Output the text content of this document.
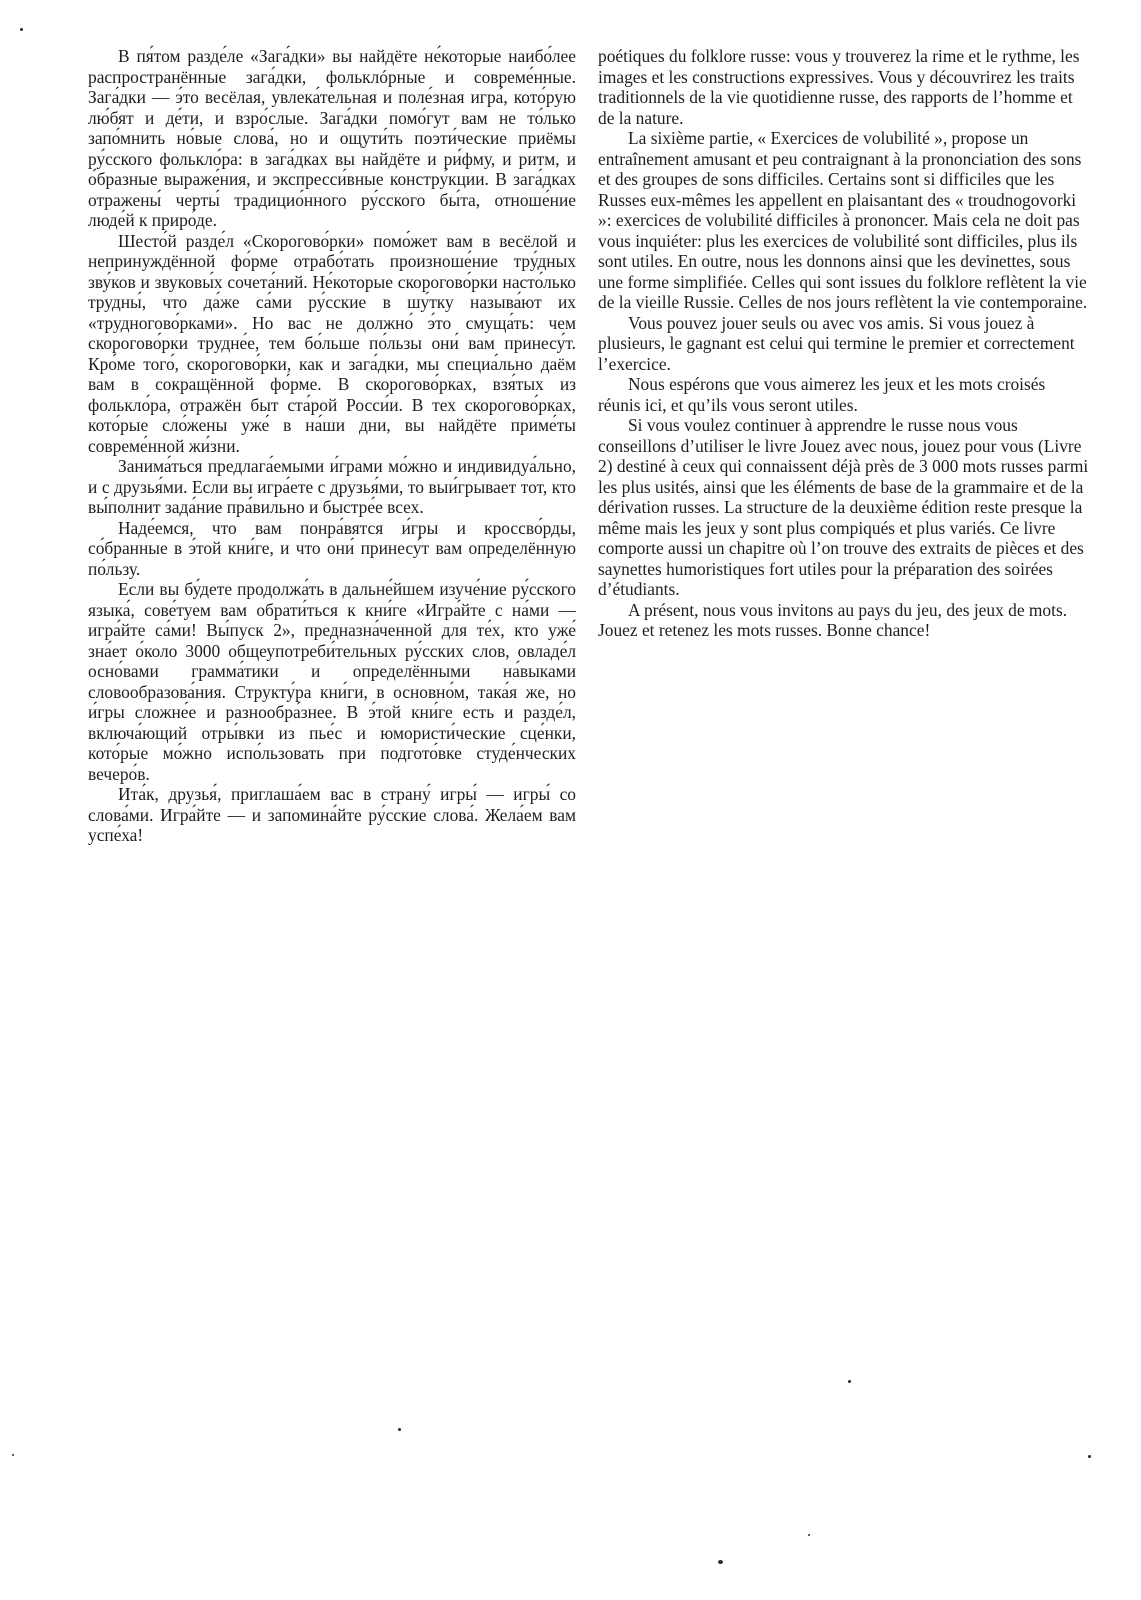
В пя́том разде́ле «Зага́дки» вы найдёте не́которые наибо́лее распространённые зага́дки, фольклóрные и совреме́нные. Зага́дки — э́то весёлая, увлека́тельная и поле́зная игра́, кото́рую лю́бят и де́ти, и взро́слые. Зага́дки помо́гут вам не то́лько запо́мнить но́вые слова́, но и ощути́ть поэти́ческие приёмы ру́сского фолькло́ра: в зага́дках вы найдёте и ри́фму, и ритм, и о́бразные выраже́ния, и экспресси́вные констру́кции. В зага́дках отражены́ черты́ традицио́нного ру́сского бы́та, отноше́ние люде́й к приро́де.

Шесто́й разде́л «Скорогово́рки» помо́жет вам в весёлой и непринуждённой фо́рме отрабо́тать произноше́ние тру́дных зву́ков и звуковы́х сочета́ний. Не́которые скорогово́рки насто́лько трудны́, что да́же са́ми ру́сские в шу́тку называ́ют их «трудногово́рками». Но вас не должно́ э́то смуща́ть: чем скорогово́рки трудне́е, тем бо́льше по́льзы они́ вам принесу́т. Кро́ме того́, скорогово́рки, как и зага́дки, мы специа́льно даём вам в сокращённой фо́рме. В скорогово́рках, взя́тых из фолькло́ра, отражён быт ста́рой Росси́и. В тех скорогово́рках, кото́рые сло́жены уже́ в на́ши дни, вы найдёте приме́ты совреме́нной жи́зни.

Занима́ться предлага́емыми и́грами мо́жно и индивидуа́льно, и с друзья́ми. Если вы игра́ете с друзья́ми, то выи́грывает тот, кто вы́полнит зада́ние пра́вильно и быстре́е всех.

Наде́емся, что вам понра́вятся и́гры и кроссво́рды, со́бранные в э́той кни́ге, и что они́ принесу́т вам определённую по́льзу.

Если вы бу́дете продолжа́ть в дальне́йшем изуче́ние ру́сского языка́, сове́туем вам обрати́ться к кни́ге «Игра́йте с на́ми — игра́йте са́ми! Вы́пуск 2», предназна́ченной для те́х, кто уже́ зна́ет о́коло 3000 общеупотреби́тельных ру́сских слов, овладе́л осно́вами грамма́тики и определёнными на́выками словообразова́ния. Структу́ра кни́ги, в основно́м, така́я же, но и́гры сложне́е и разнообра́знее. В э́той кни́ге есть и разде́л, включа́ющий отры́вки из пье́с и юмористи́ческие сце́нки, кото́рые мо́жно испо́льзовать при подгото́вке студе́нческих вечеро́в.

Ита́к, друзья́, приглаша́ем вас в страну́ игры́ — игры́ со слова́ми. Игра́йте — и запомина́йте ру́сские слова́. Жела́ем вам успе́ха!

poétiques du folklore russe: vous y trouverez la rime et le rythme, les images et les constructions expressives. Vous y découvrirez les traits traditionnels de la vie quotidienne russe, des rapports de l’homme et de la nature.

La sixième partie, « Exercices de volubilité », propose un entraînement amusant et peu contraignant à la prononciation des sons et des groupes de sons difficiles. Certains sont si difficiles que les Russes eux-mêmes les appellent en plaisantant des « troudnogovorki »: exercices de volubilité difficiles à prononcer. Mais cela ne doit pas vous inquiéter: plus les exercices de volubilité sont difficiles, plus ils sont utiles. En outre, nous les donnons ainsi que les devinettes, sous une forme simplifiée. Celles qui sont issues du folklore reflètent la vie de la vieille Russie. Celles de nos jours reflètent la vie contemporaine.

Vous pouvez jouer seuls ou avec vos amis. Si vous jouez à plusieurs, le gagnant est celui qui termine le premier et correctement l’exercice.

Nous espérons que vous aimerez les jeux et les mots croisés réunis ici, et qu’ils vous seront utiles.

Si vous voulez continuer à apprendre le russe nous vous conseillons d’utiliser le livre Jouez avec nous, jouez pour vous (Livre 2) destiné à ceux qui connaissent déjà près de 3 000 mots russes parmi les plus usités, ainsi que les éléments de base de la grammaire et de la dérivation russes. La structure de la deuxième édition reste presque la même mais les jeux y sont plus compiqués et plus variés. Ce livre comporte aussi un chapitre où l’on trouve des extraits de pièces et des saynettes humoristiques fort utiles pour la préparation des soirées d’étudiants.

A présent, nous vous invitons au pays du jeu, des jeux de mots. Jouez et retenez les mots russes. Bonne chance!
